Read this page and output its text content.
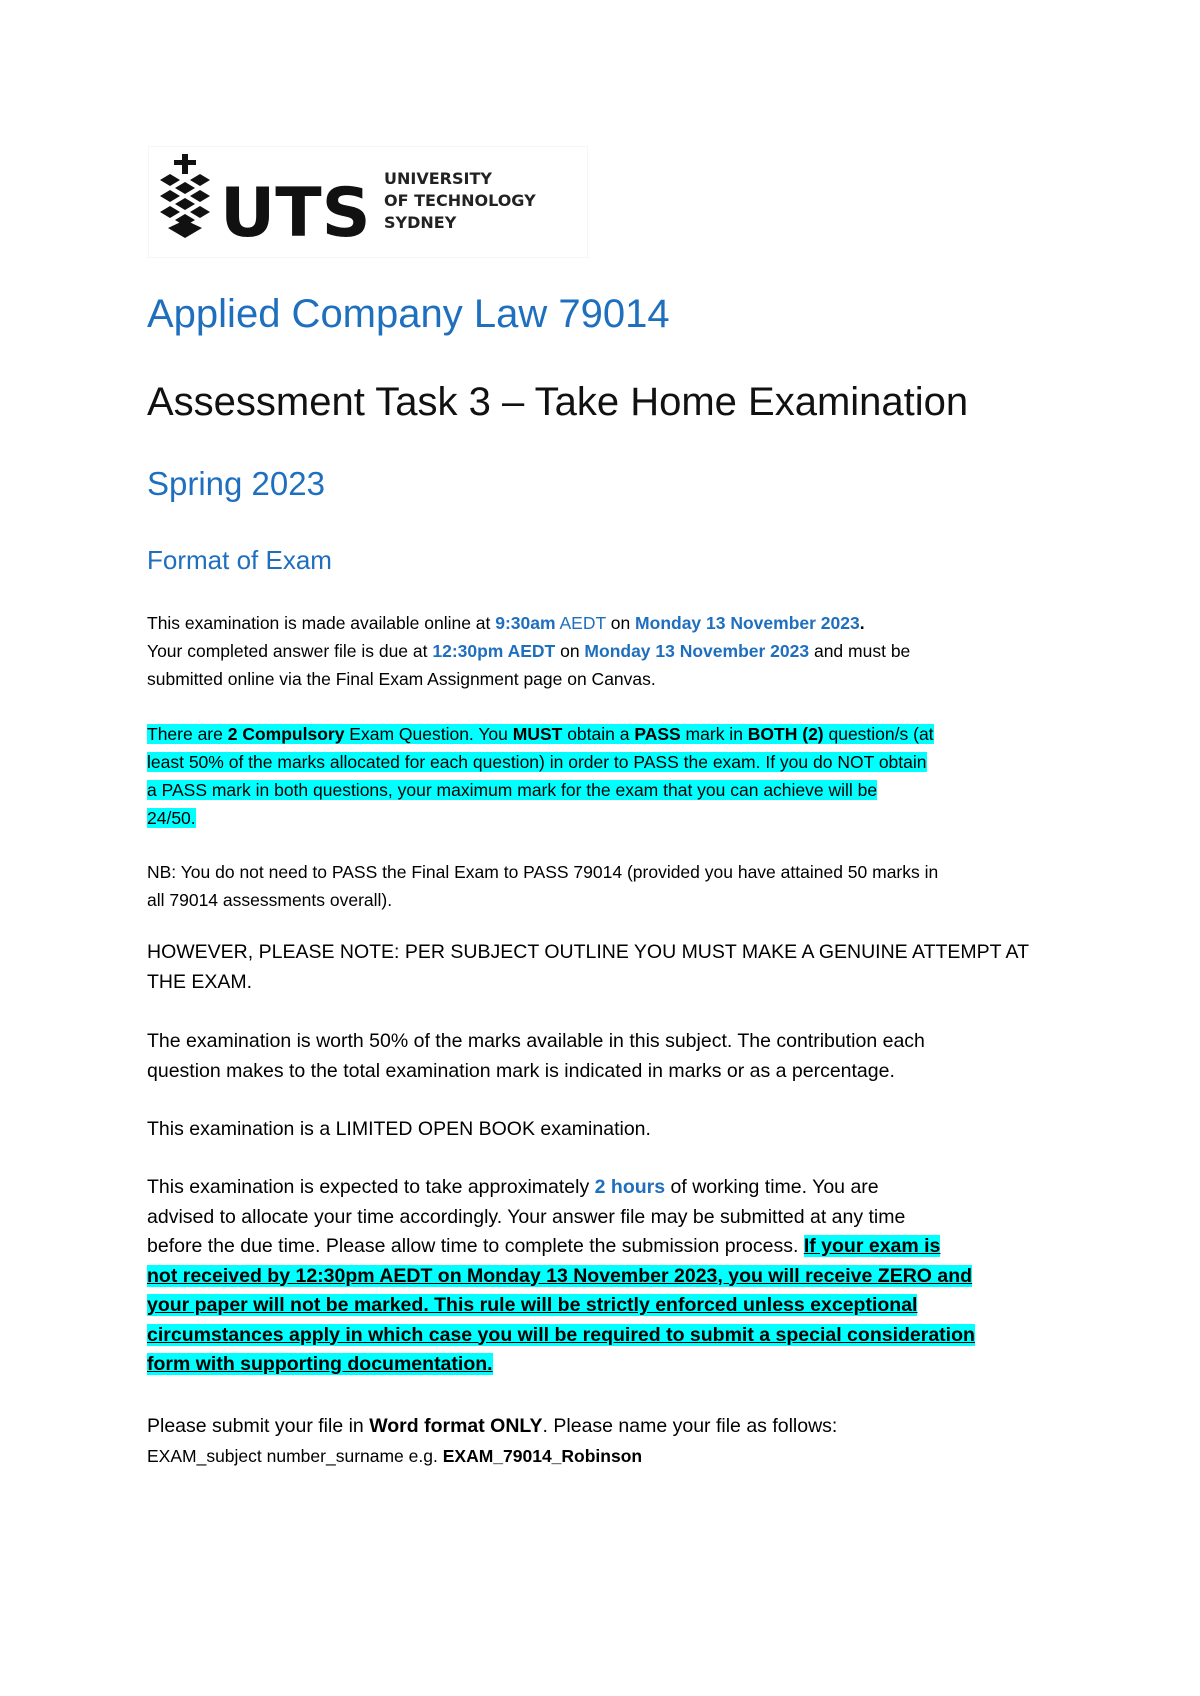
UTS UNIVERSITY
OF TECHNOLOGY
SYDNEY
Applied Company Law 79014
Assessment Task 3 – Take Home Examination
Spring 2023
Format of Exam
This examination is made available online at 9:30am AEDT on Monday 13 November 2023.
Your completed answer file is due at 12:30pm AEDT on Monday 13 November 2023 and must be
submitted online via the Final Exam Assignment page on Canvas.
There are 2 Compulsory Exam Question. You MUST obtain a PASS mark in BOTH (2) question/s (at
least 50% of the marks allocated for each question) in order to PASS the exam. If you do NOT obtain
a PASS mark in both questions, your maximum mark for the exam that you can achieve will be
24/50.
NB: You do not need to PASS the Final Exam to PASS 79014 (provided you have attained 50 marks in
all 79014 assessments overall).
HOWEVER, PLEASE NOTE: PER SUBJECT OUTLINE YOU MUST MAKE A GENUINE ATTEMPT AT
THE EXAM.
The examination is worth 50% of the marks available in this subject. The contribution each
question makes to the total examination mark is indicated in marks or as a percentage.
This examination is a LIMITED OPEN BOOK examination.
This examination is expected to take approximately 2 hours of working time. You are
advised to allocate your time accordingly. Your answer file may be submitted at any time
before the due time. Please allow time to complete the submission process. If your exam is
not received by 12:30pm AEDT on Monday 13 November 2023, you will receive ZERO and
your paper will not be marked. This rule will be strictly enforced unless exceptional
circumstances apply in which case you will be required to submit a special consideration
form with supporting documentation.
Please submit your file in Word format ONLY. Please name your file as follows:
EXAM_subject number_surname e.g. EXAM_79014_Robinson
